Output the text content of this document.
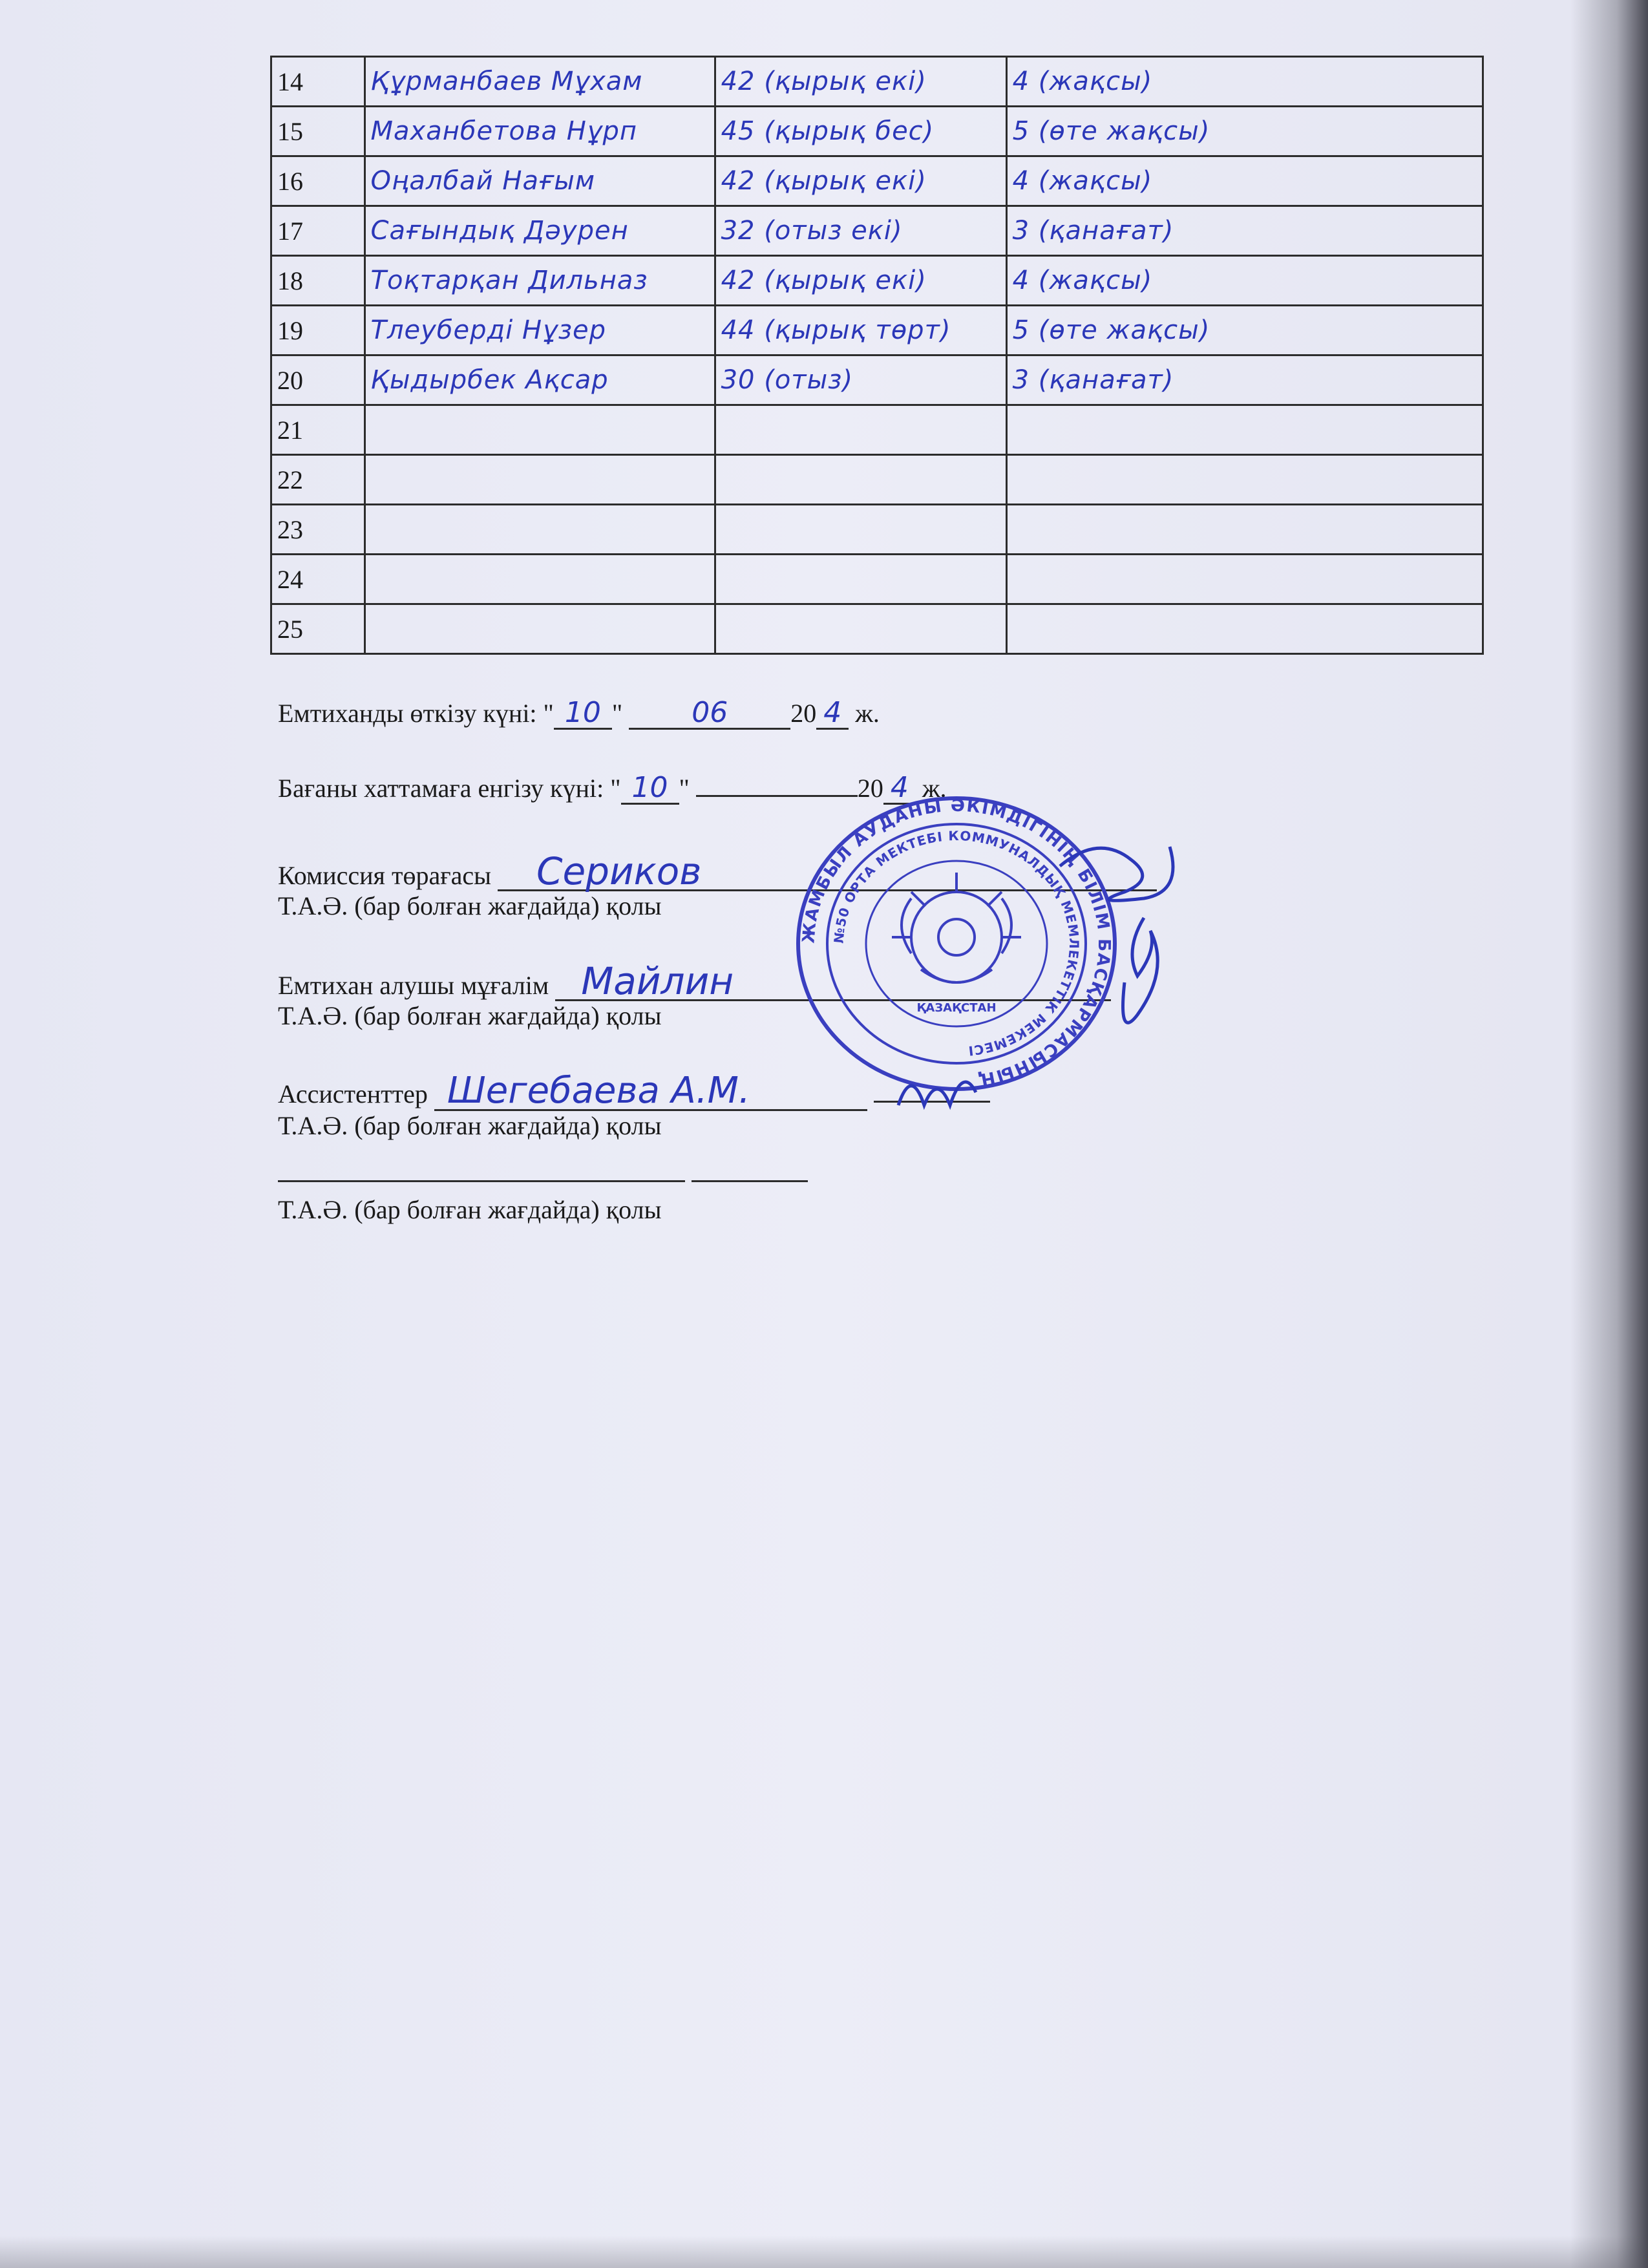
14	Құрманбаев Мұхам	42 (қырық екі)	4 (жақсы)
15	Маханбетова Нұрп	45 (қырық бес)	5 (өте жақсы)
16	Оңалбай Нағым	42 (қырық екі)	4 (жақсы)
17	Сағындық Дәурен	32 (отыз екі)	3 (қанағат)
18	Тоқтарқан Дильназ	42 (қырық екі)	4 (жақсы)
19	Тлеуберді Нұзер	44 (қырық төрт)	5 (өте жақсы)
20	Қыдырбек Ақсар	30 (отыз)	3 (қанағат)
21			
22			
23			
24			
25			
Емтиханды өткізу күні: " 10 " 06 20 4 ж.
Бағаны хаттамаға енгізу күні: " 10 "	20 4 ж.
Комиссия төрағасы Сериков
Т.А.Ә. (бар болған жағдайда) қолы
Емтихан алушы мұғалім Майлин
Т.А.Ә. (бар болған жағдайда) қолы
Ассистенттер Шегебаева А.М.
Т.А.Ә. (бар болған жағдайда) қолы

Т.А.Ә. (бар болған жағдайда) қолы
ЖАМБЫЛ АУДАНЫ ӘКІМДІГІНІҢ БІЛІМ БАСҚАРМАСЫНЫҢ
№50 ОРТА МЕКТЕБІ КОММУНАЛДЫҚ МЕМЛЕКЕТТІК МЕКЕМЕСІ
ҚАЗАҚСТАН
